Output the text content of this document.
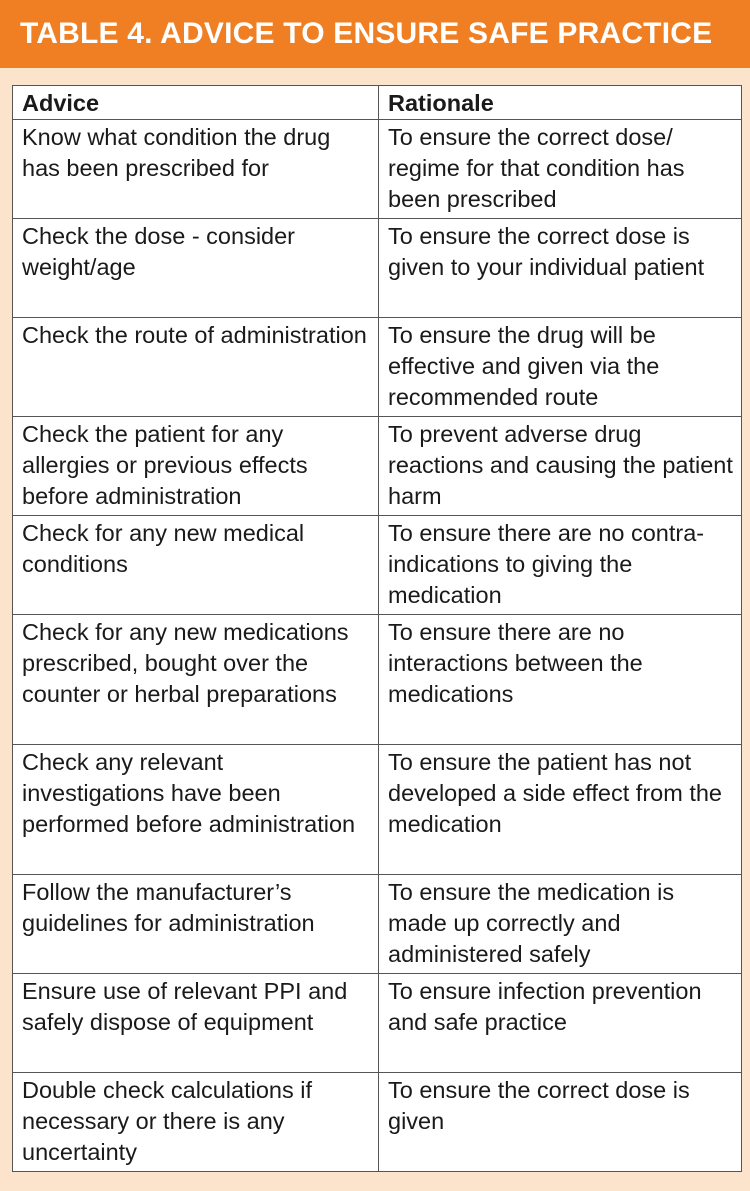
TABLE 4. ADVICE TO ENSURE SAFE PRACTICE
Advice	Rationale
Know what condition the drug has been prescribed for	To ensure the correct dose/ regime for that condition has been prescribed
Check the dose - consider weight/age	To ensure the correct dose is given to your individual patient
Check the route of administration	To ensure the drug will be effective and given via the recommended route
Check the patient for any allergies or previous effects before administration	To prevent adverse drug reactions and causing the patient harm
Check for any new medical conditions	To ensure there are no contra-indications to giving the medication
Check for any new medications prescribed, bought over the counter or herbal preparations	To ensure there are no interactions between the medications
Check any relevant investigations have been performed before administration	To ensure the patient has not developed a side effect from the medication
Follow the manufacturer’s guidelines for administration	To ensure the medication is made up correctly and administered safely
Ensure use of relevant PPI and safely dispose of equipment	To ensure infection prevention and safe practice
Double check calculations if necessary or there is any uncertainty	To ensure the correct dose is given
